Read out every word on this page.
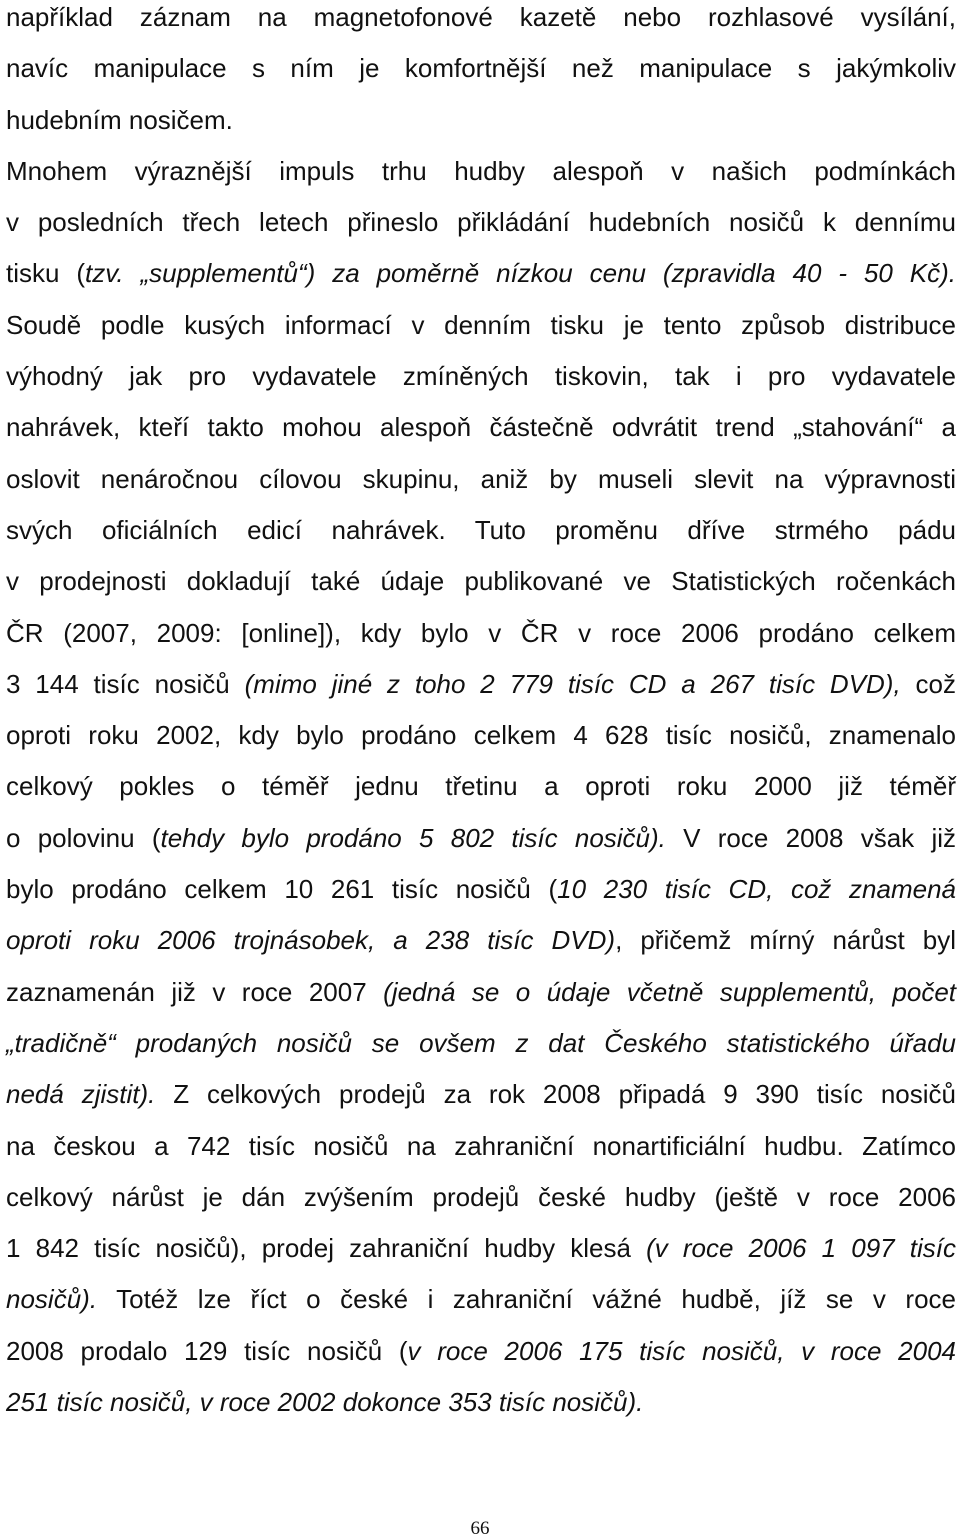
například záznam na magnetofonové kazetě nebo rozhlasové vysílání,
navíc manipulace s ním je komfortnější než manipulace s jakýmkoliv
hudebním nosičem.
Mnohem výraznější impuls trhu hudby alespoň v našich podmínkách
v posledních třech letech přineslo přikládání hudebních nosičů k dennímu
tisku (tzv. „supplementů“) za poměrně nízkou cenu (zpravidla 40 - 50 Kč).
Soudě podle kusých informací v denním tisku je tento způsob distribuce
výhodný jak pro vydavatele zmíněných tiskovin, tak i pro vydavatele
nahrávek, kteří takto mohou alespoň částečně odvrátit trend „stahování“ a
oslovit nenáročnou cílovou skupinu, aniž by museli slevit na výpravnosti
svých oficiálních edicí nahrávek. Tuto proměnu dříve strmého pádu
v prodejnosti dokladují také údaje publikované ve Statistických ročenkách
ČR (2007, 2009: [online]), kdy bylo v ČR v roce 2006 prodáno celkem
3 144 tisíc nosičů (mimo jiné z toho 2 779 tisíc CD a 267 tisíc DVD), což
oproti roku 2002, kdy bylo prodáno celkem 4 628 tisíc nosičů, znamenalo
celkový pokles o téměř jednu třetinu a oproti roku 2000 již téměř
o polovinu (tehdy bylo prodáno 5 802 tisíc nosičů). V roce 2008 však již
bylo prodáno celkem 10 261 tisíc nosičů (10 230 tisíc CD, což znamená
oproti roku 2006 trojnásobek, a 238 tisíc DVD), přičemž mírný nárůst byl
zaznamenán již v roce 2007 (jedná se o údaje včetně supplementů, počet
„tradičně“ prodaných nosičů se ovšem z dat Českého statistického úřadu
nedá zjistit). Z celkových prodejů za rok 2008 připadá 9 390 tisíc nosičů
na českou a 742 tisíc nosičů na zahraniční nonartificiální hudbu. Zatímco
celkový nárůst je dán zvýšením prodejů české hudby (ještě v roce 2006
1 842 tisíc nosičů), prodej zahraniční hudby klesá (v roce 2006 1 097 tisíc
nosičů). Totéž lze říct o české i zahraniční vážné hudbě, jíž se v roce
2008 prodalo 129 tisíc nosičů (v roce 2006 175 tisíc nosičů, v roce 2004
251 tisíc nosičů, v roce 2002 dokonce 353 tisíc nosičů).
66
